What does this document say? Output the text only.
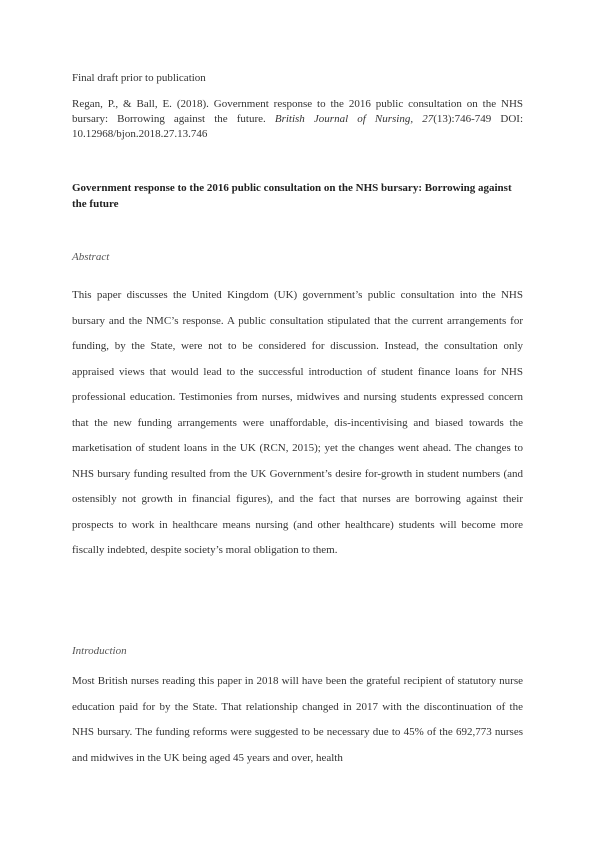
Final draft prior to publication
Regan, P., & Ball, E. (2018). Government response to the 2016 public consultation on the NHS bursary: Borrowing against the future. British Journal of Nursing, 27(13):746-749 DOI: 10.12968/bjon.2018.27.13.746
Government response to the 2016 public consultation on the NHS bursary: Borrowing against the future
Abstract
This paper discusses the United Kingdom (UK) government’s public consultation into the NHS bursary and the NMC’s response. A public consultation stipulated that the current arrangements for funding, by the State, were not to be considered for discussion. Instead, the consultation only appraised views that would lead to the successful introduction of student finance loans for NHS professional education. Testimonies from nurses, midwives and nursing students expressed concern that the new funding arrangements were unaffordable, dis-incentivising and biased towards the marketisation of student loans in the UK (RCN, 2015); yet the changes went ahead. The changes to NHS bursary funding resulted from the UK Government’s desire for-growth in student numbers (and ostensibly not growth in financial figures), and the fact that nurses are borrowing against their prospects to work in healthcare means nursing (and other healthcare) students will become more fiscally indebted, despite society’s moral obligation to them.
Introduction
Most British nurses reading this paper in 2018 will have been the grateful recipient of statutory nurse education paid for by the State. That relationship changed in 2017 with the discontinuation of the NHS bursary. The funding reforms were suggested to be necessary due to 45% of the 692,773 nurses and midwives in the UK being aged 45 years and over, health
